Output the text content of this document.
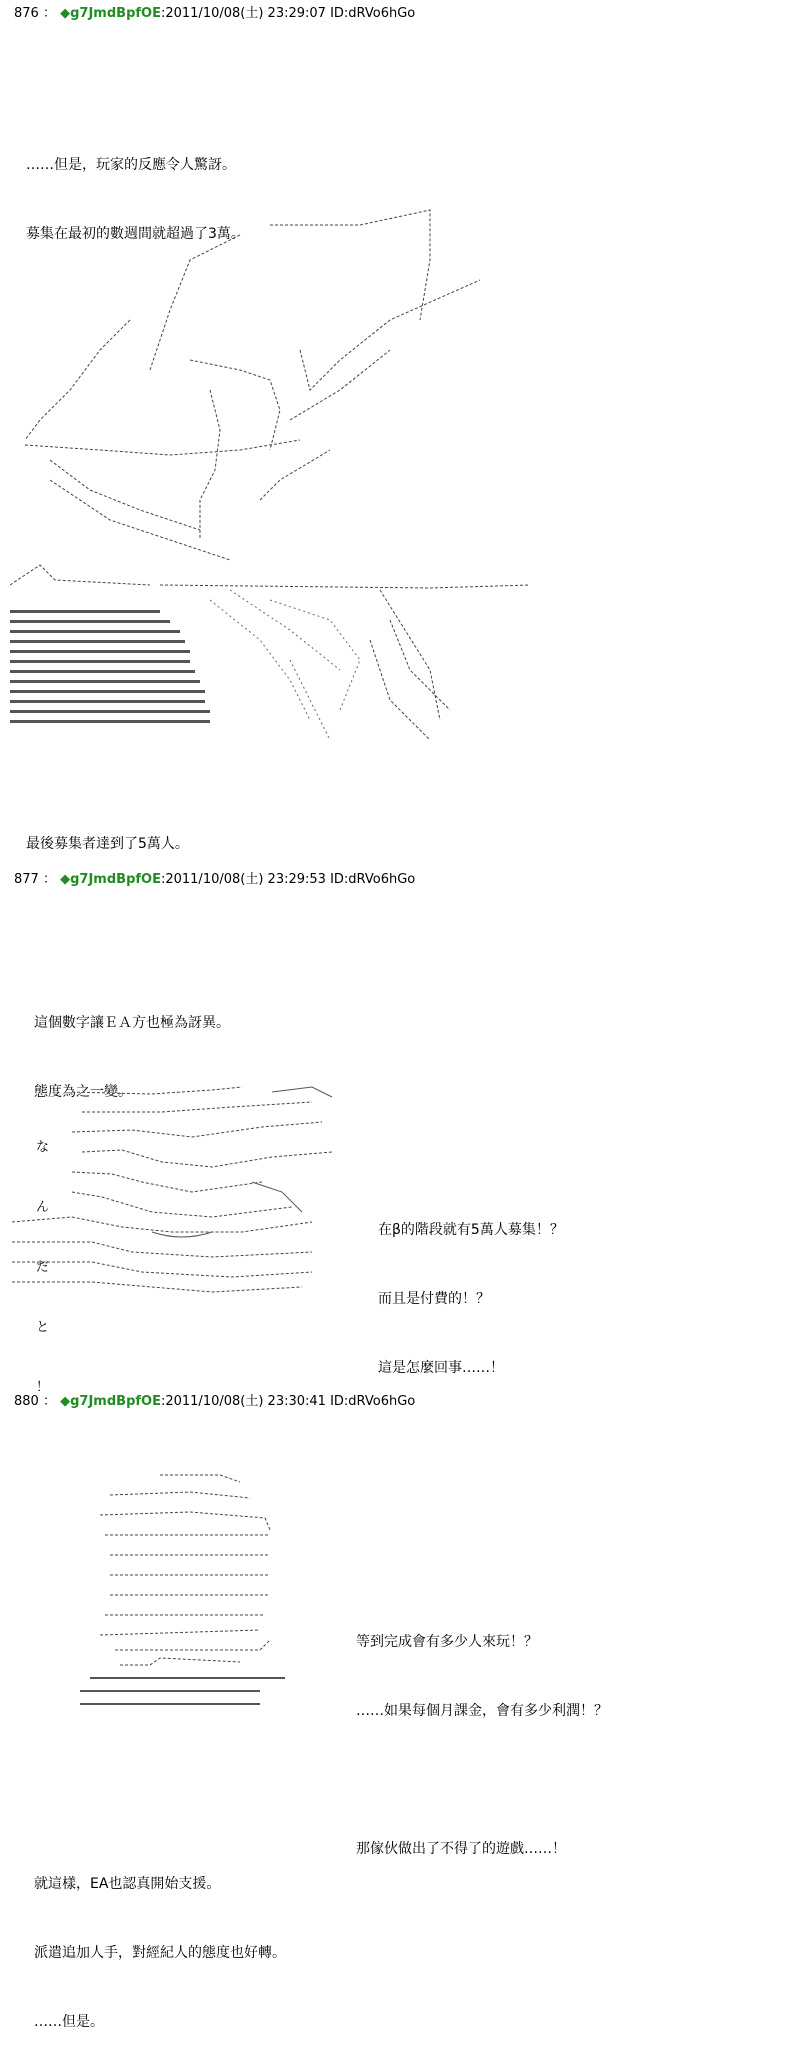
876 ： ◆g7JmdBpfOE:2011/10/08(土) 23:29:07 ID:dRVo6hGo

……但是，玩家的反應令人驚訝。

募集在最初的數週間就超過了3萬。

最後募集者達到了5萬人。

877 ： ◆g7JmdBpfOE:2011/10/08(土) 23:29:53 ID:dRVo6hGo

這個數字讓ＥＡ方也極為訝異。

態度為之一變。

な

ん

だ

と

！

在β的階段就有5萬人募集！？

而且是付費的！？

這是怎麼回事……！

880 ： ◆g7JmdBpfOE:2011/10/08(土) 23:30:41 ID:dRVo6hGo

等到完成會有多少人來玩！？

……如果每個月課金，會有多少利潤！？

那傢伙做出了不得了的遊戲……！

就這樣，EA也認真開始支援。

派遣追加人手，對經紀人的態度也好轉。

……但是。
